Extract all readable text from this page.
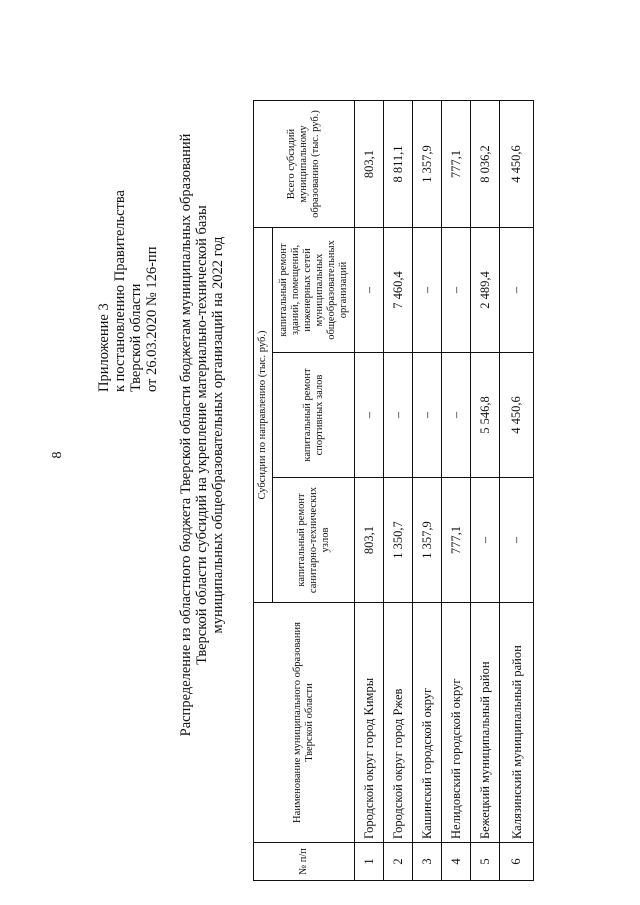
8
Приложение 3 к постановлению Правительства Тверской области от 26.03.2020 № 126-пп Распределение из областного бюджета Тверской области бюджетам муниципальных образований Тверской области субсидий на укрепление материально-технической базы муниципальных общеобразовательных организаций на 2022 год
№ п/п	Наименование муниципального образования Тверской области	Субсидии по направлению (тыс. руб.)			Всего субсидий муниципальному образованию (тыс. руб.)
		капитальный ремонт санитарно-технических узлов	капитальный ремонт спортивных залов	капитальный ремонт зданий, помещений, инженерных сетей муниципальных общеобразовательных организаций	
1	Городской округ город Кимры	803,1	–	–	803,1
2	Городской округ город Ржев	1 350,7	–	7 460,4	8 811,1
3	Кашинский городской округ	1 357,9	–	–	1 357,9
4	Нелидовский городской округ	777,1	–	–	777,1
5	Бежецкий муниципальный район	–	5 546,8	2 489,4	8 036,2
6	Калязинский муниципальный район	–	4 450,6	–	4 450,6
